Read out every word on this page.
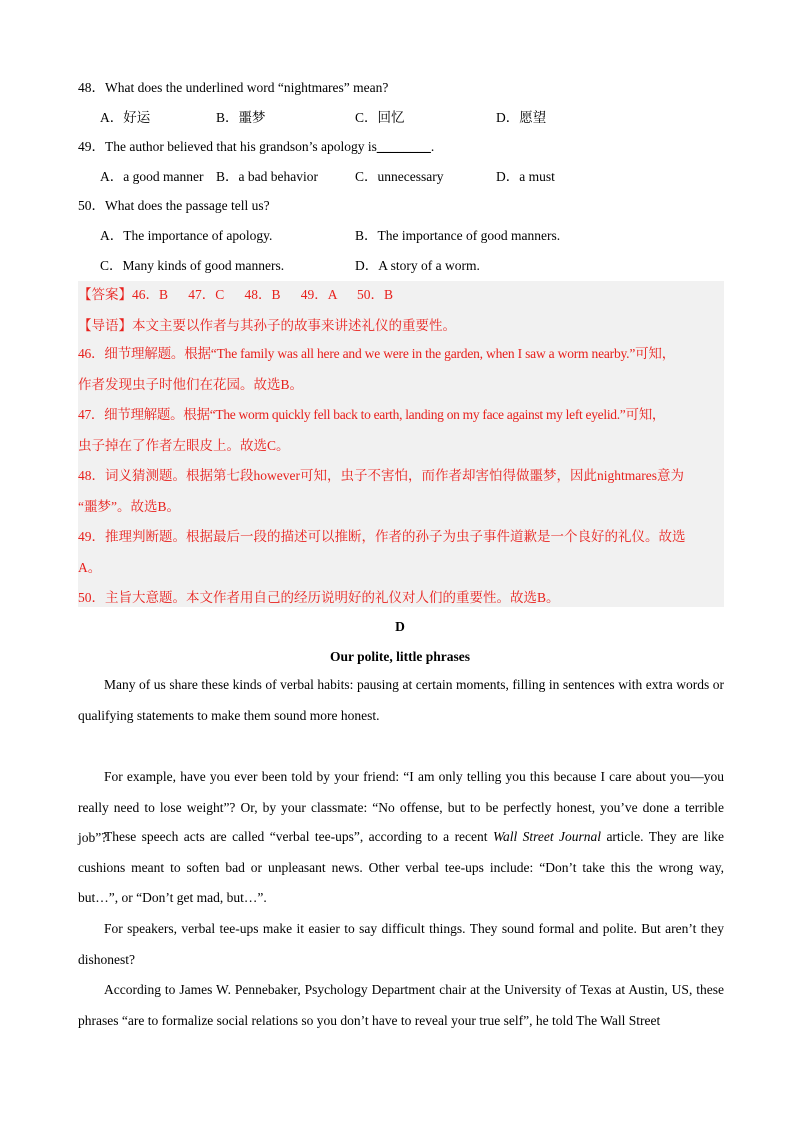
48．What does the underlined word “nightmares” mean?
A．好运	B．噩梦	C．回忆	D．愿望
49．The author believed that his grandson’s apology is________.
A．a good manner B．a bad behavior	C．unnecessary	D．a must
50．What does the passage tell us?
A．The importance of apology.	B．The importance of good manners.
C．Many kinds of good manners.	D．A story of a worm.
【答案】46．B      47．C      48．B      49．A      50．B
【导语】本文主要以作者与其孙子的故事来讲述礼仪的重要性。
46．细节理解题。根据“The family was all here and we were in the garden, when I saw a worm nearby.”可知，
作者发现虫子时他们在花园。故选B。
47．细节理解题。根据“The worm quickly fell back to earth, landing on my face against my left eyelid.”可知，
虫子掉在了作者左眼皮上。故选C。
48．词义猜测题。根据第七段however可知，虫子不害怕，而作者却害怕得做噩梦，因此nightmares意为
“噩梦”。故选B。
49．推理判断题。根据最后一段的描述可以推断，作者的孙子为虫子事件道歉是一个良好的礼仪。故选
A。
50．主旨大意题。本文作者用自己的经历说明好的礼仪对人们的重要性。故选B。
D
Our polite, little phrases
Many of us share these kinds of verbal habits: pausing at certain moments, filling in sentences with extra words or qualifying statements to make them sound more honest.
For example, have you ever been told by your friend: “I am only telling you this because I care about you—you really need to lose weight”? Or, by your classmate: “No offense, but to be perfectly honest, you’ve done a terrible job”?
These speech acts are called “verbal tee-ups”, according to a recent Wall Street Journal article. They are like cushions meant to soften bad or unpleasant news. Other verbal tee-ups include: “Don’t take this the wrong way, but…”, or “Don’t get mad, but…”.
For speakers, verbal tee-ups make it easier to say difficult things. They sound formal and polite. But aren’t they dishonest?
According to James W. Pennebaker, Psychology Department chair at the University of Texas at Austin, US, these phrases “are to formalize social relations so you don’t have to reveal your true self”, he told The Wall Street
